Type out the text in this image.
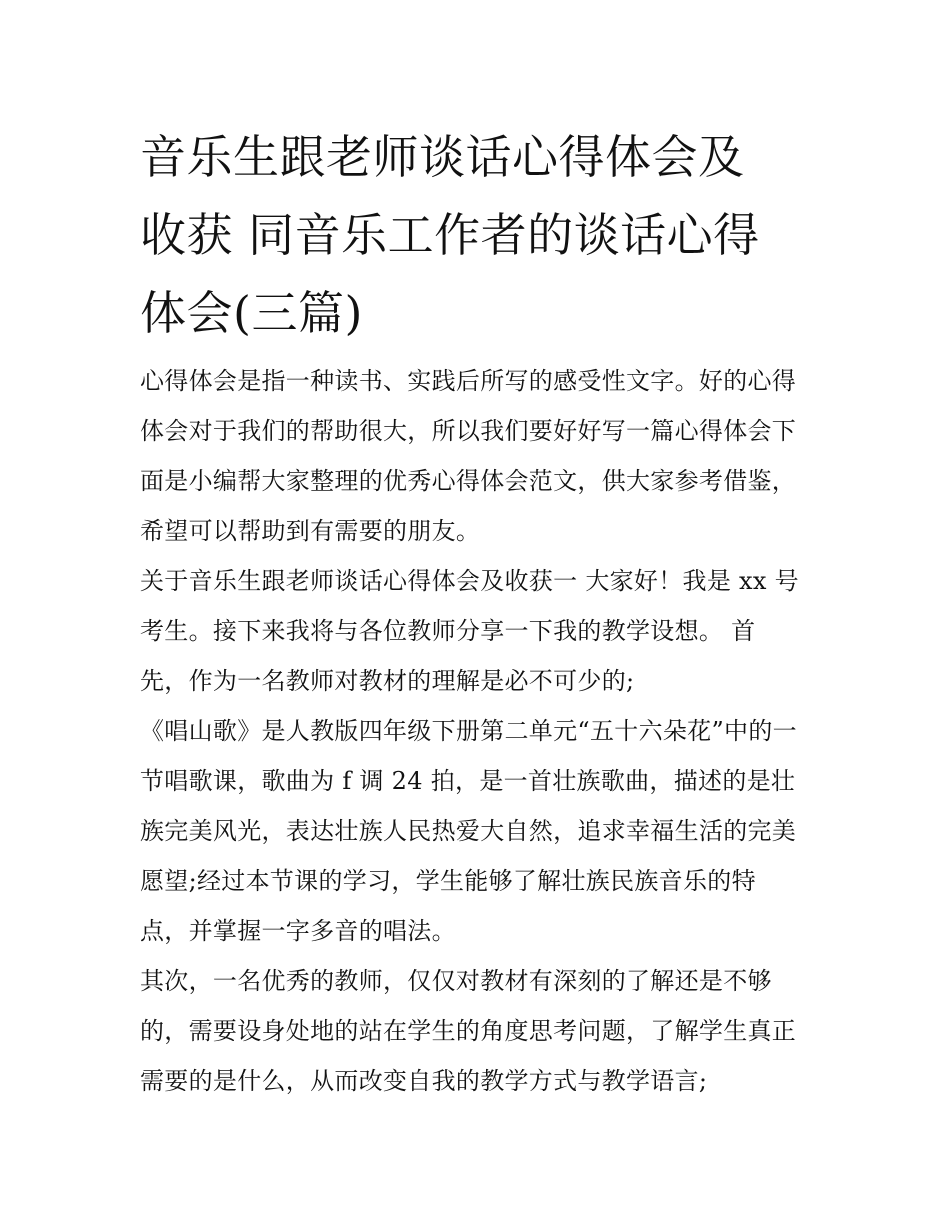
音乐生跟老师谈话心得体会及
收获 同音乐工作者的谈话心得
体会(三篇)
心得体会是指一种读书、实践后所写的感受性文字。好的心得
体会对于我们的帮助很大，所以我们要好好写一篇心得体会下
面是小编帮大家整理的优秀心得体会范文，供大家参考借鉴，
希望可以帮助到有需要的朋友。
关于音乐生跟老师谈话心得体会及收获一 大家好！我是 xx 号
考生。接下来我将与各位教师分享一下我的教学设想。 首
先，作为一名教师对教材的理解是必不可少的;
《唱山歌》是人教版四年级下册第二单元“五十六朵花”中的一
节唱歌课，歌曲为 f 调 24 拍，是一首壮族歌曲，描述的是壮
族完美风光，表达壮族人民热爱大自然，追求幸福生活的完美
愿望;经过本节课的学习，学生能够了解壮族民族音乐的特
点，并掌握一字多音的唱法。
其次，一名优秀的教师，仅仅对教材有深刻的了解还是不够
的，需要设身处地的站在学生的角度思考问题，了解学生真正
需要的是什么，从而改变自我的教学方式与教学语言;
